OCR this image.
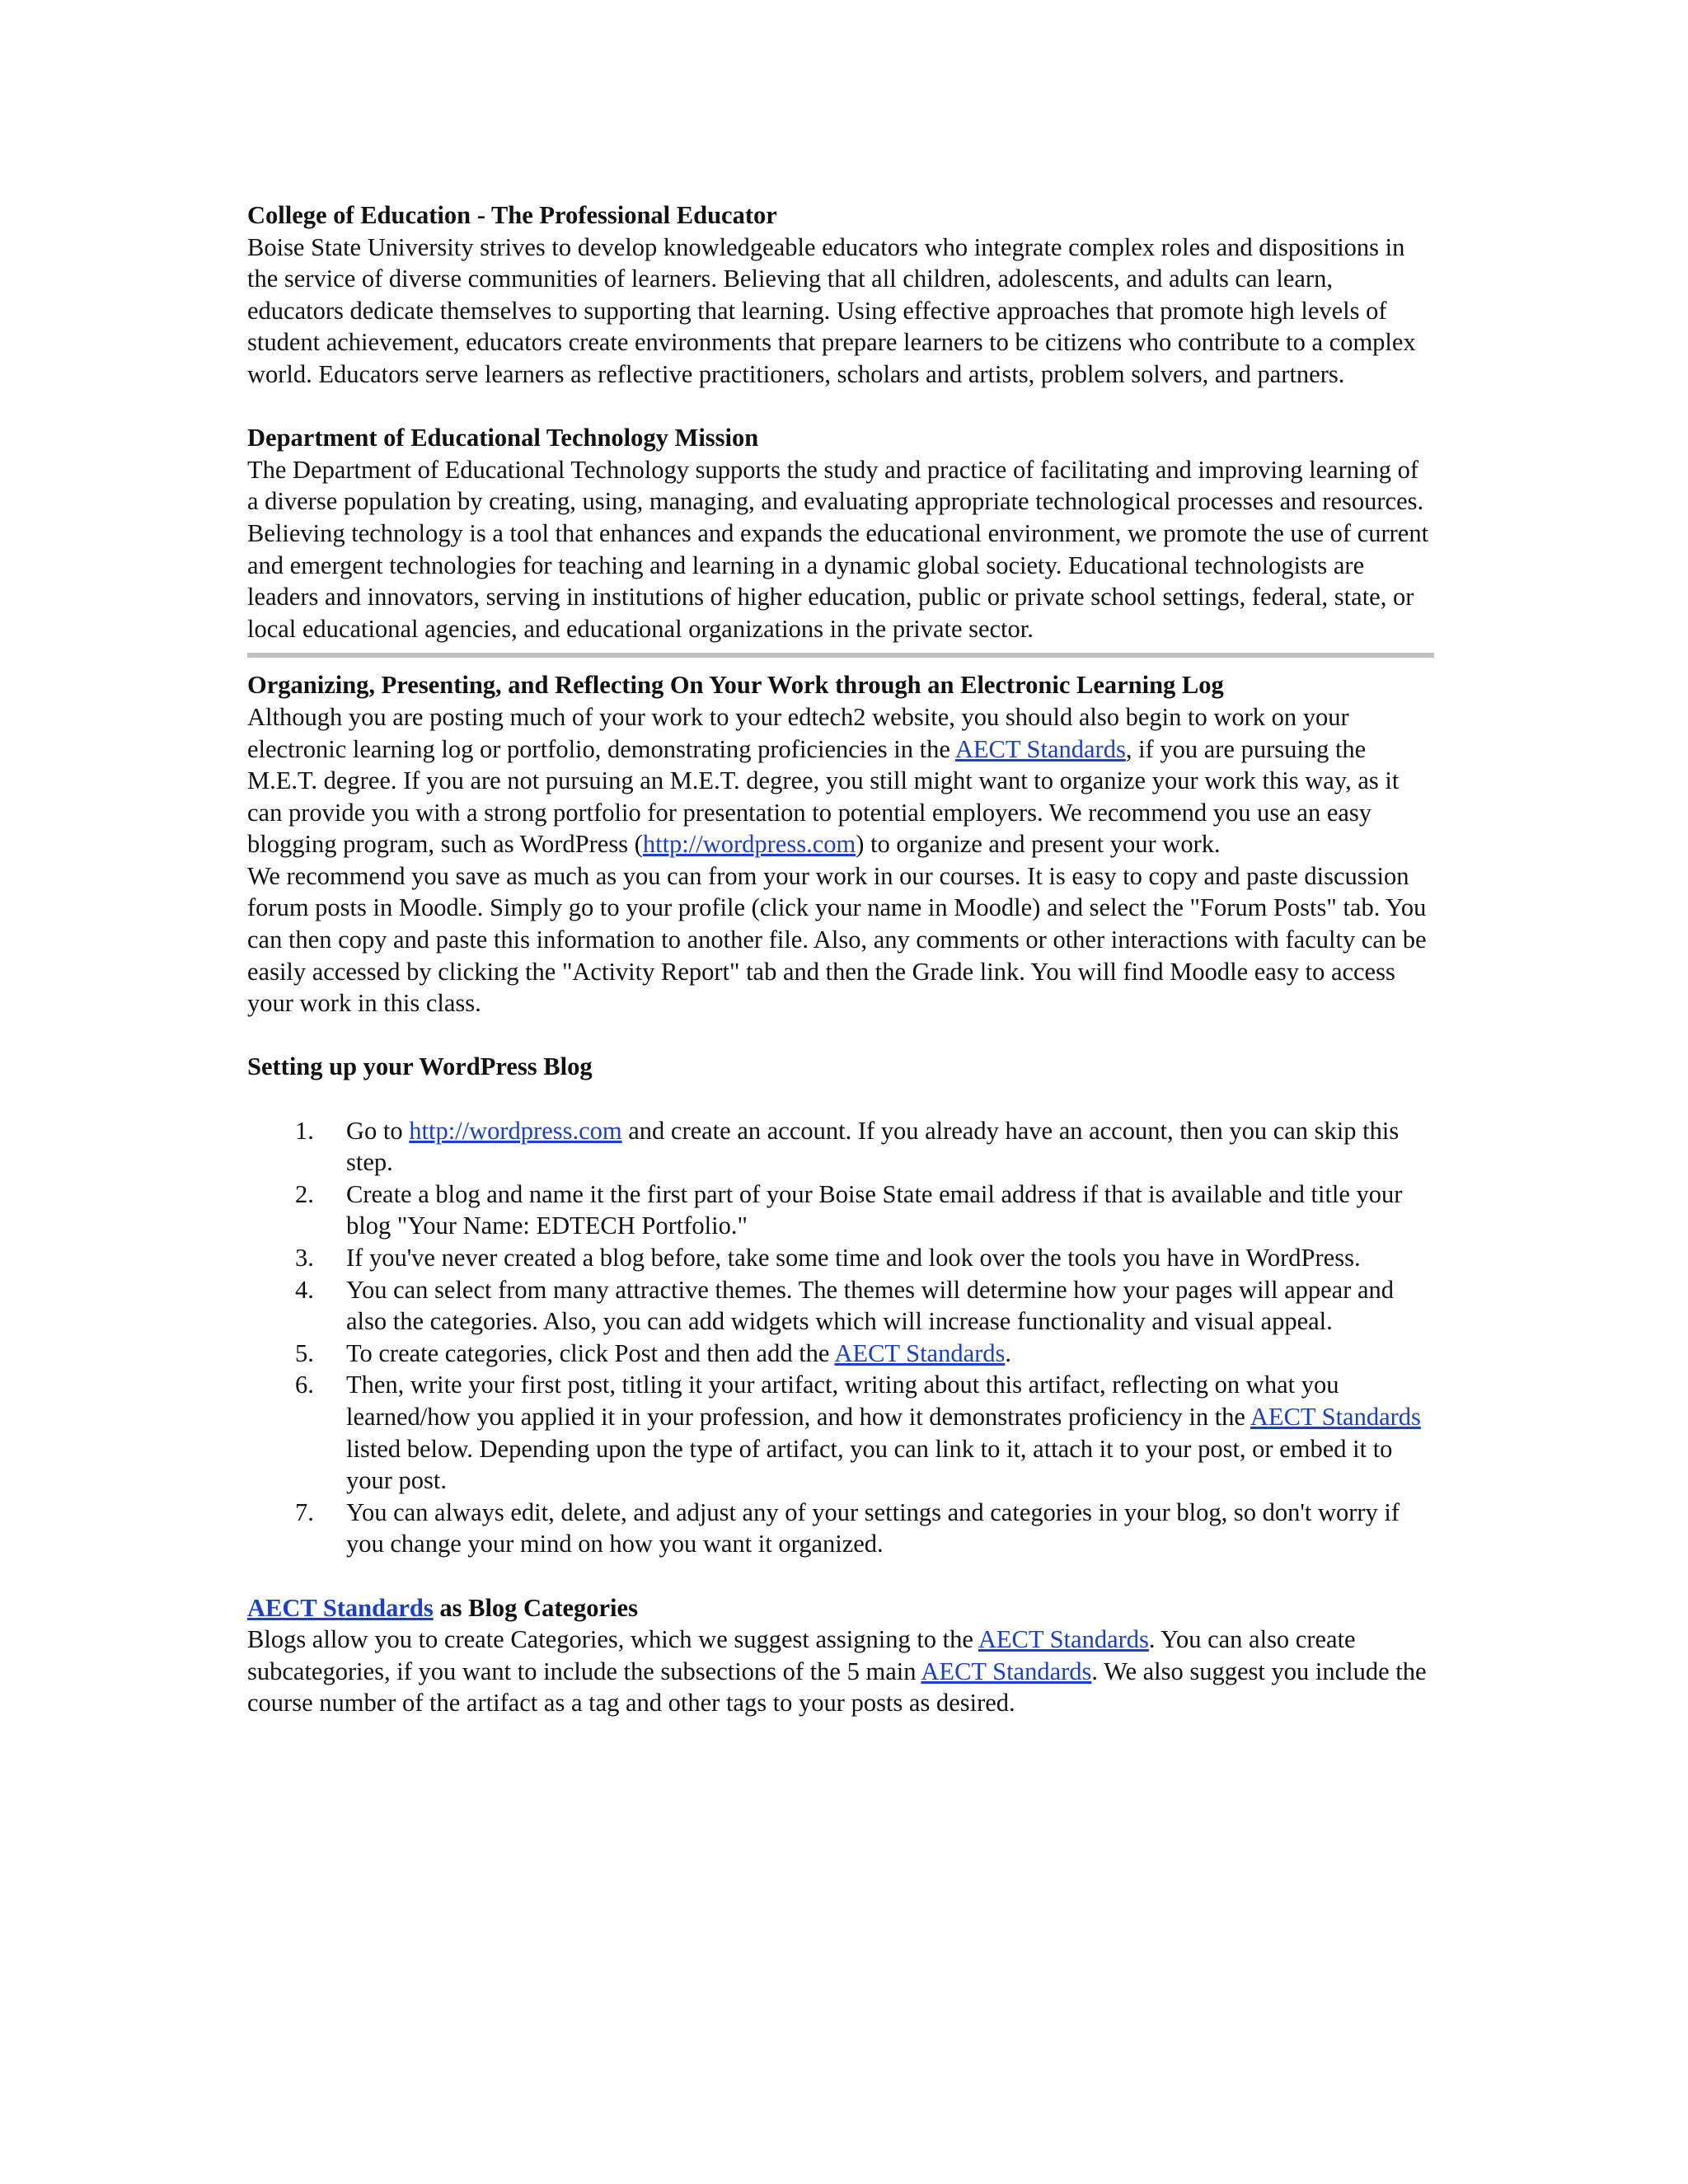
College of Education - The Professional Educator

Boise State University strives to develop knowledgeable educators who integrate complex roles and dispositions in the service of diverse communities of learners. Believing that all children, adolescents, and adults can learn, educators dedicate themselves to supporting that learning. Using effective approaches that promote high levels of student achievement, educators create environments that prepare learners to be citizens who contribute to a complex world. Educators serve learners as reflective practitioners, scholars and artists, problem solvers, and partners.

Department of Educational Technology Mission

The Department of Educational Technology supports the study and practice of facilitating and improving learning of a diverse population by creating, using, managing, and evaluating appropriate technological processes and resources. Believing technology is a tool that enhances and expands the educational environment, we promote the use of current and emergent technologies for teaching and learning in a dynamic global society. Educational technologists are leaders and innovators, serving in institutions of higher education, public or private school settings, federal, state, or local educational agencies, and educational organizations in the private sector.

Organizing, Presenting, and Reflecting On Your Work through an Electronic Learning Log

Although you are posting much of your work to your edtech2 website, you should also begin to work on your electronic learning log or portfolio, demonstrating proficiencies in the AECT Standards, if you are pursuing the M.E.T. degree. If you are not pursuing an M.E.T. degree, you still might want to organize your work this way, as it can provide you with a strong portfolio for presentation to potential employers. We recommend you use an easy blogging program, such as WordPress (http://wordpress.com) to organize and present your work.

We recommend you save as much as you can from your work in our courses. It is easy to copy and paste discussion forum posts in Moodle. Simply go to your profile (click your name in Moodle) and select the "Forum Posts" tab. You can then copy and paste this information to another file. Also, any comments or other interactions with faculty can be easily accessed by clicking the "Activity Report" tab and then the Grade link. You will find Moodle easy to access your work in this class.

Setting up your WordPress Blog

1.	Go to http://wordpress.com and create an account. If you already have an account, then you can skip this step.
2.	Create a blog and name it the first part of your Boise State email address if that is available and title your blog "Your Name: EDTECH Portfolio."
3.	If you've never created a blog before, take some time and look over the tools you have in WordPress.
4.	You can select from many attractive themes. The themes will determine how your pages will appear and also the categories. Also, you can add widgets which will increase functionality and visual appeal.
5.	To create categories, click Post and then add the AECT Standards.
6.	Then, write your first post, titling it your artifact, writing about this artifact, reflecting on what you learned/how you applied it in your profession, and how it demonstrates proficiency in the AECT Standards listed below. Depending upon the type of artifact, you can link to it, attach it to your post, or embed it to your post.
7.	You can always edit, delete, and adjust any of your settings and categories in your blog, so don't worry if you change your mind on how you want it organized.

AECT Standards as Blog Categories

Blogs allow you to create Categories, which we suggest assigning to the AECT Standards. You can also create subcategories, if you want to include the subsections of the 5 main AECT Standards. We also suggest you include the course number of the artifact as a tag and other tags to your posts as desired.
